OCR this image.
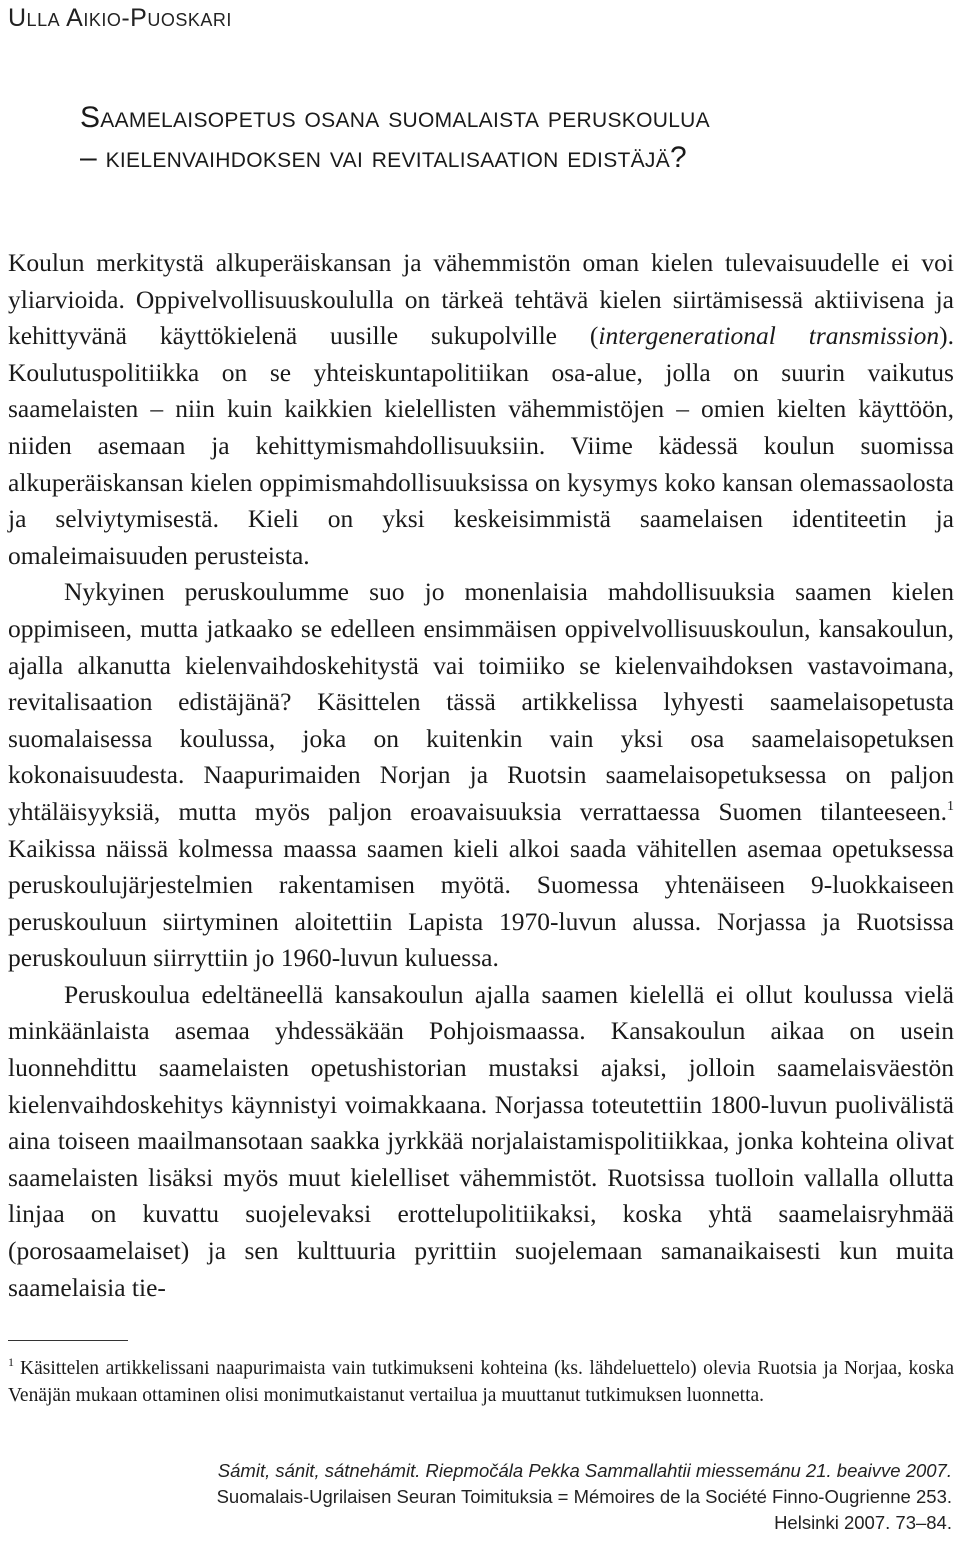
Ulla Aikio-Puoskari
Saamelaisopetus osana suomalaista peruskoulua
– kielenvaihdoksen vai revitalisaation edistäjä?

Koulun merkitystä alkuperäiskansan ja vähemmistön oman kielen tulevaisuudelle ei voi yliarvioida. Oppivelvollisuuskoululla on tärkeä tehtävä kielen siirtämisessä aktiivisena ja kehittyvänä käyttökielenä uusille sukupolville (intergenerational transmission). Koulutuspolitiikka on se yhteiskuntapolitiikan osa-alue, jolla on suurin vaikutus saamelaisten – niin kuin kaikkien kielellisten vähemmistöjen – omien kielten käyttöön, niiden asemaan ja kehittymismahdollisuuksiin. Viime kädessä koulun suomissa alkuperäiskansan kielen oppimismahdollisuuksissa on kysymys koko kansan olemassaolosta ja selviytymisestä. Kieli on yksi keskeisimmistä saamelaisen identiteetin ja omaleimaisuuden perusteista.

Nykyinen peruskoulumme suo jo monenlaisia mahdollisuuksia saamen kielen oppimiseen, mutta jatkaako se edelleen ensimmäisen oppivelvollisuuskoulun, kansakoulun, ajalla alkanutta kielenvaihdoskehitystä vai toimiiko se kielenvaihdoksen vastavoimana, revitalisaation edistäjänä? Käsittelen tässä artikkelissa lyhyesti saamelaisopetusta suomalaisessa koulussa, joka on kuitenkin vain yksi osa saamelaisopetuksen kokonaisuudesta. Naapurimaiden Norjan ja Ruotsin saamelaisopetuksessa on paljon yhtäläisyyksiä, mutta myös paljon eroavaisuuksia verrattaessa Suomen tilanteeseen.$^1$ Kaikissa näissä kolmessa maassa saamen kieli alkoi saada vähitellen asemaa opetuksessa peruskoulujärjestelmien rakentamisen myötä. Suomessa yhtenäiseen 9-luokkaiseen peruskouluun siirtyminen aloitettiin Lapista 1970-luvun alussa. Norjassa ja Ruotsissa peruskouluun siirryttiin jo 1960-luvun kuluessa.

Peruskoulua edeltäneellä kansakoulun ajalla saamen kielellä ei ollut koulussa vielä minkäänlaista asemaa yhdessäkään Pohjoismaassa. Kansakoulun aikaa on usein luonnehdittu saamelaisten opetushistorian mustaksi ajaksi, jolloin saamelaisväestön kielenvaihdoskehitys käynnistyi voimakkaana. Norjassa toteutettiin 1800-luvun puolivälistä aina toiseen maailmansotaan saakka jyrkkää norjalaistamispolitiikkaa, jonka kohteina olivat saamelaisten lisäksi myös muut kielelliset vähemmistöt. Ruotsissa tuolloin vallalla ollutta linjaa on kuvattu suojelevaksi erottelupolitiikaksi, koska yhtä saamelaisryhmää (porosaamelaiset) ja sen kulttuuria pyrittiin suojelemaan samanaikaisesti kun muita saamelaisia tie-

$^1$ Käsittelen artikkelissani naapurimaista vain tutkimukseni kohteina (ks. lähdeluettelo) olevia Ruotsia ja Norjaa, koska Venäjän mukaan ottaminen olisi monimutkaistanut vertailua ja muuttanut tutkimuksen luonnetta.
Sámit, sánit, sátnehámit. Riepmočála Pekka Sammallahtii miessemánu 21. beaivve 2007.
Suomalais-Ugrilaisen Seuran Toimituksia = Mémoires de la Société Finno-Ougrienne 253.
Helsinki 2007. 73–84.
